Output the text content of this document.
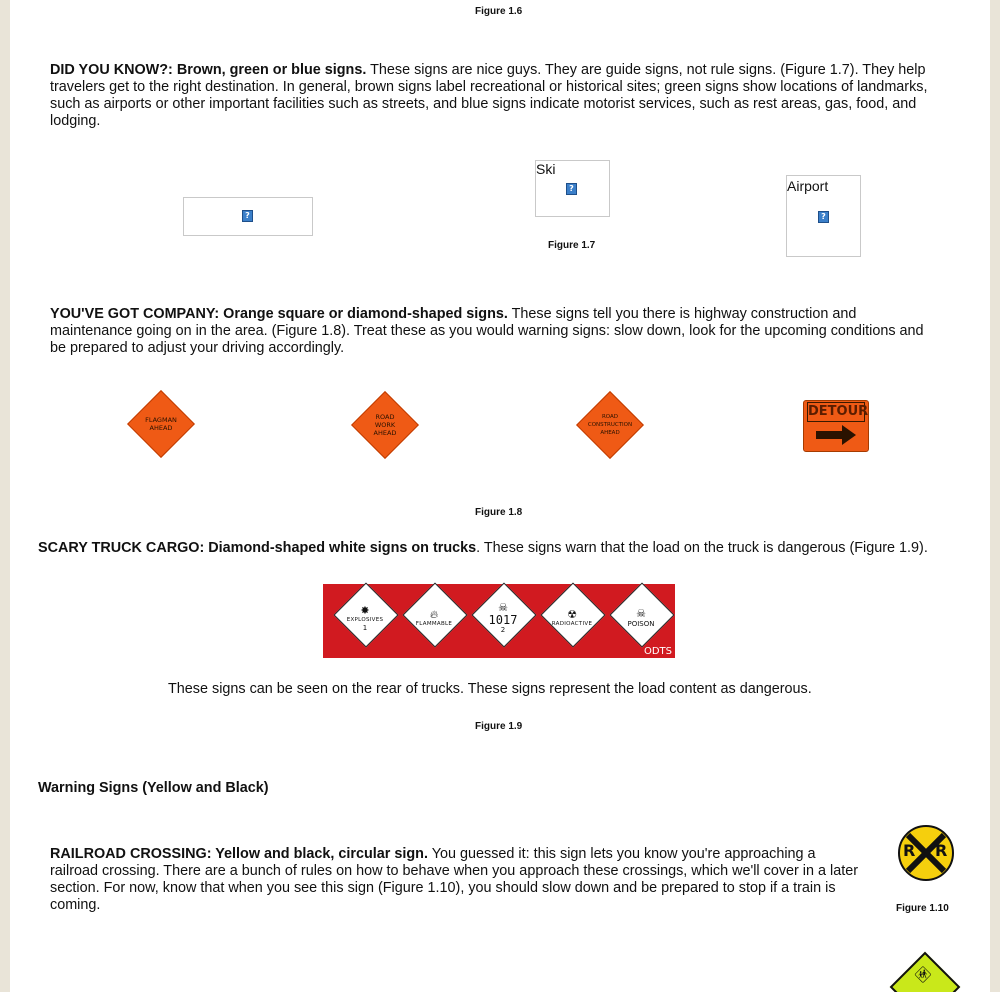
Figure 1.6
DID YOU KNOW?: Brown, green or blue signs. These signs are nice guys. They are guide signs, not rule signs. (Figure 1.7). They help travelers get to the right destination. In general, brown signs label recreational or historical sites; green signs show locations of landmarks, such as airports or other important facilities such as streets, and blue signs indicate motorist services, such as rest areas, gas, food, and lodging.
?
Ski
?	Airport
?
Figure 1.7
YOU'VE GOT COMPANY: Orange square or diamond-shaped signs. These signs tell you there is highway construction and maintenance going on in the area. (Figure 1.8). Treat these as you would warning signs: slow down, look for the upcoming conditions and be prepared to adjust your driving accordingly.
FLAGMAN
AHEAD
ROAD
WORK
AHEAD
ROAD
CONSTRUCTION
AHEAD
DETOUR
Figure 1.8
SCARY TRUCK CARGO: Diamond-shaped white signs on trucks. These signs warn that the load on the truck is dangerous (Figure 1.9).
✸
EXPLOSIVES
1
🔥︎
FLAMMABLE
☠
1017
2
☢
RADIOACTIVE
☠
POISON
ODTS
These signs can be seen on the rear of trucks. These signs represent the load content as dangerous.
Figure 1.9
Warning Signs (Yellow and Black)
RAILROAD CROSSING: Yellow and black, circular sign. You guessed it: this sign lets you know you're approaching a railroad crossing. There are a bunch of rules on how to behave when you approach these crossings, which we'll cover in a later section. For now, know that when you see this sign (Figure 1.10), you should slow down and be prepared to stop if a train is coming.
R R
Figure 1.10
🚸︎
